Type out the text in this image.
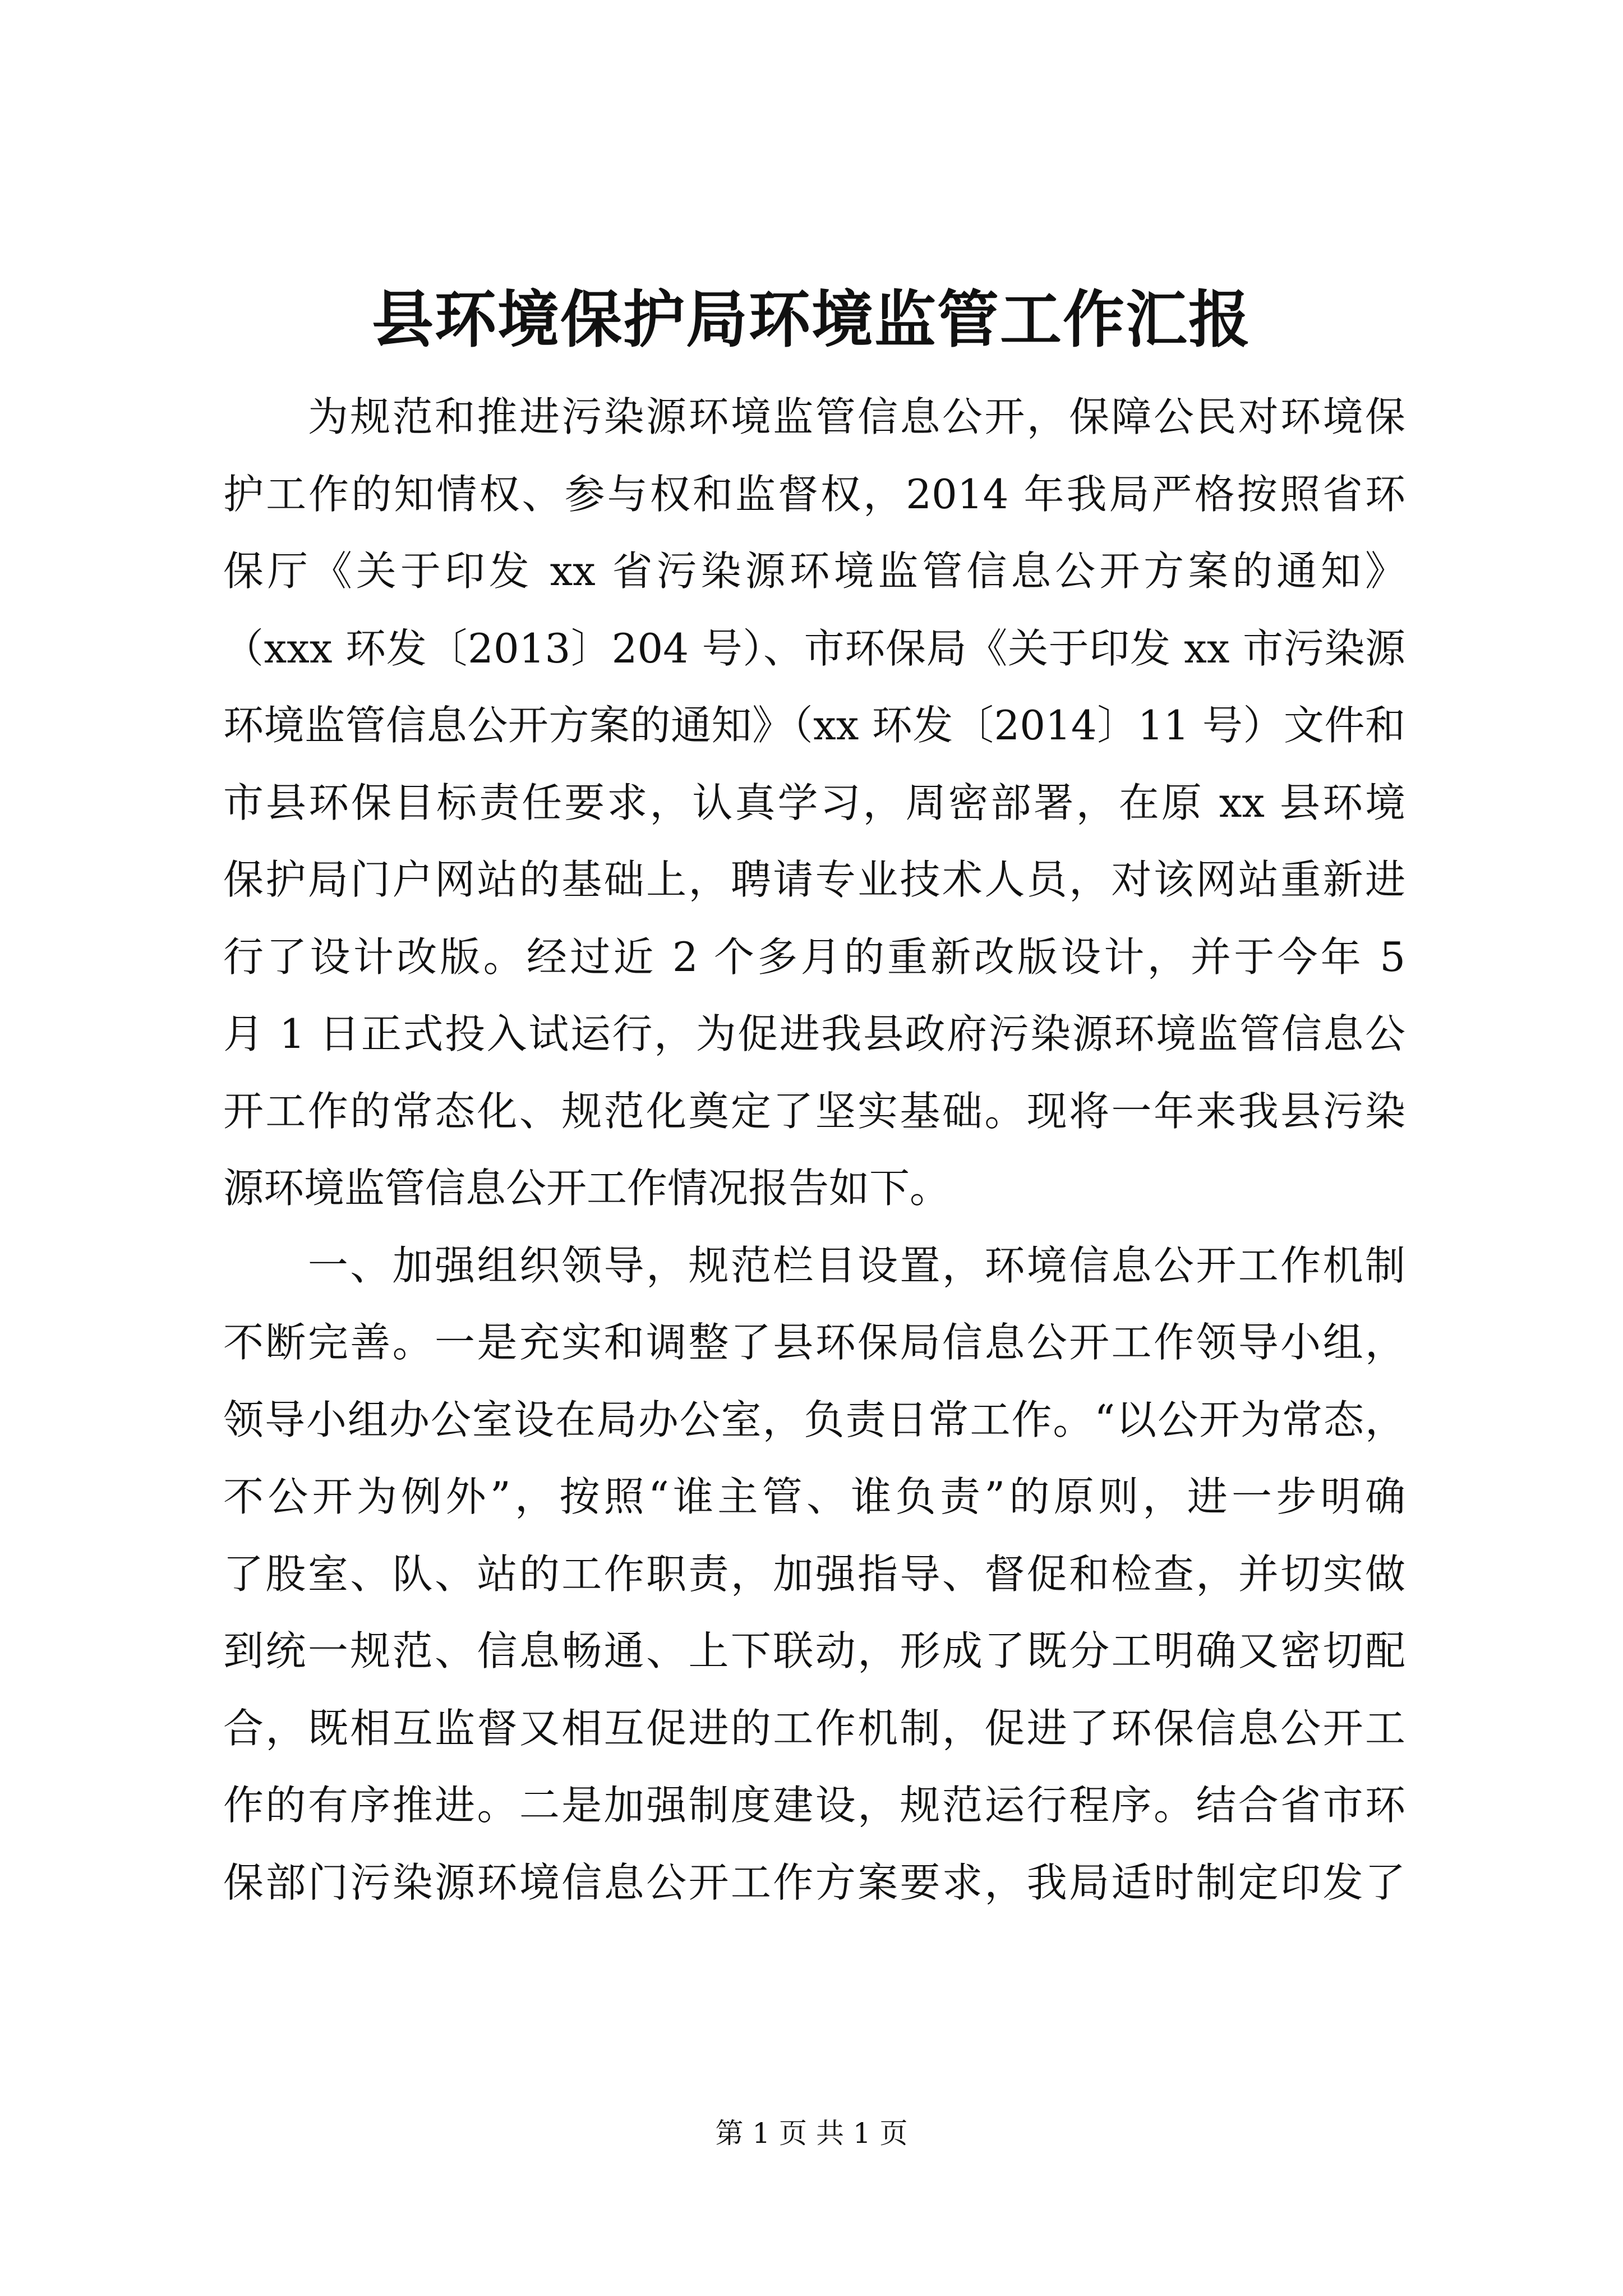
县环境保护局环境监管工作汇报
　　为规范和推进污染源环境监管信息公开，保障公民对环境保
护工作的知情权、参与权和监督权，2014 年我局严格按照省环
保厅《关于印发 xx 省污染源环境监管信息公开方案的通知》
（xxx 环发〔2013〕204 号）、市环保局《关于印发 xx 市污染源
环境监管信息公开方案的通知》（xx 环发〔2014〕11 号）文件和
市县环保目标责任要求，认真学习，周密部署，在原 xx 县环境
保护局门户网站的基础上，聘请专业技术人员，对该网站重新进
行了设计改版。经过近 2 个多月的重新改版设计，并于今年 5
月 1 日正式投入试运行，为促进我县政府污染源环境监管信息公
开工作的常态化、规范化奠定了坚实基础。现将一年来我县污染
源环境监管信息公开工作情况报告如下。
　　一、加强组织领导，规范栏目设置，环境信息公开工作机制
不断完善。一是充实和调整了县环保局信息公开工作领导小组，
领导小组办公室设在局办公室，负责日常工作。“以公开为常态，
不公开为例外”，按照“谁主管、谁负责”的原则，进一步明确
了股室、队、站的工作职责，加强指导、督促和检查，并切实做
到统一规范、信息畅通、上下联动，形成了既分工明确又密切配
合，既相互监督又相互促进的工作机制，促进了环保信息公开工
作的有序推进。二是加强制度建设，规范运行程序。结合省市环
保部门污染源环境信息公开工作方案要求，我局适时制定印发了
第 1 页 共 1 页
